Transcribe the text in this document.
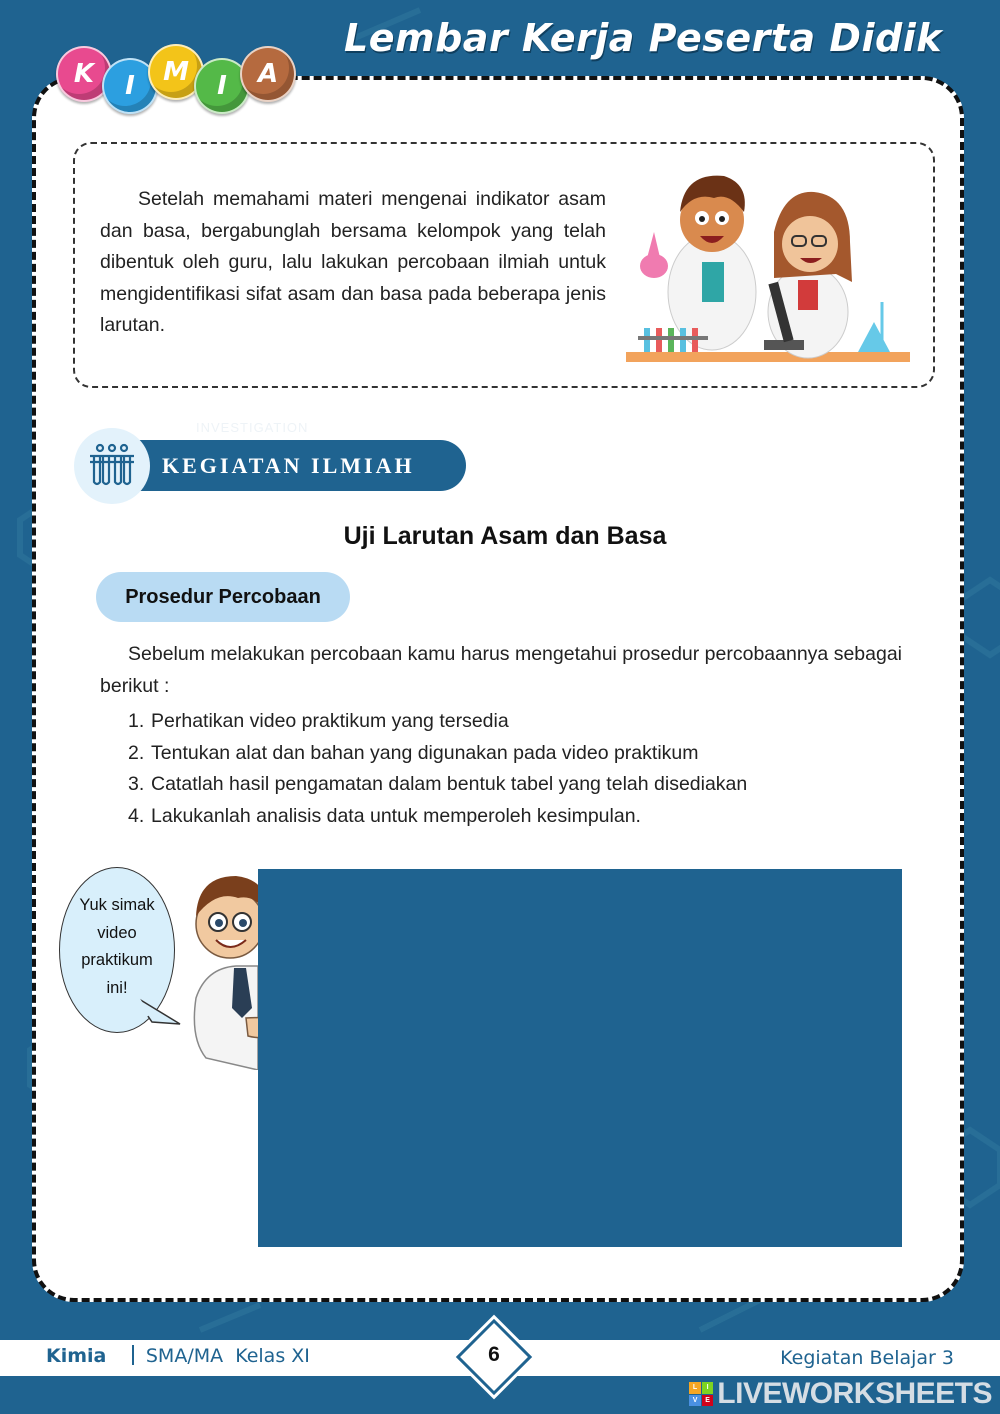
Lembar Kerja Peserta Didik
K	I	M	I	A

Setelah memahami materi mengenai indikator asam dan basa, bergabunglah bersama kelompok yang telah dibentuk oleh guru, lalu lakukan percobaan ilmiah untuk mengidentifikasi sifat asam dan basa pada beberapa jenis larutan.

INVESTIGATION
KEGIATAN ILMIAH
Uji Larutan Asam dan Basa
Prosedur Percobaan

Sebelum melakukan percobaan kamu harus mengetahui prosedur percobaannya sebagai berikut :

1. Perhatikan video praktikum yang tersedia
2. Tentukan alat dan bahan yang digunakan pada video praktikum
3. Catatlah hasil pengamatan dalam bentuk tabel yang telah disediakan
4. Lakukanlah analisis data untuk memperoleh kesimpulan.
Yuk simak
video
praktikum
ini!
Kimia SMA/MA  Kelas XI	6	Kegiatan Belajar 3
L	I
V	E LIVEWORKSHEETS
